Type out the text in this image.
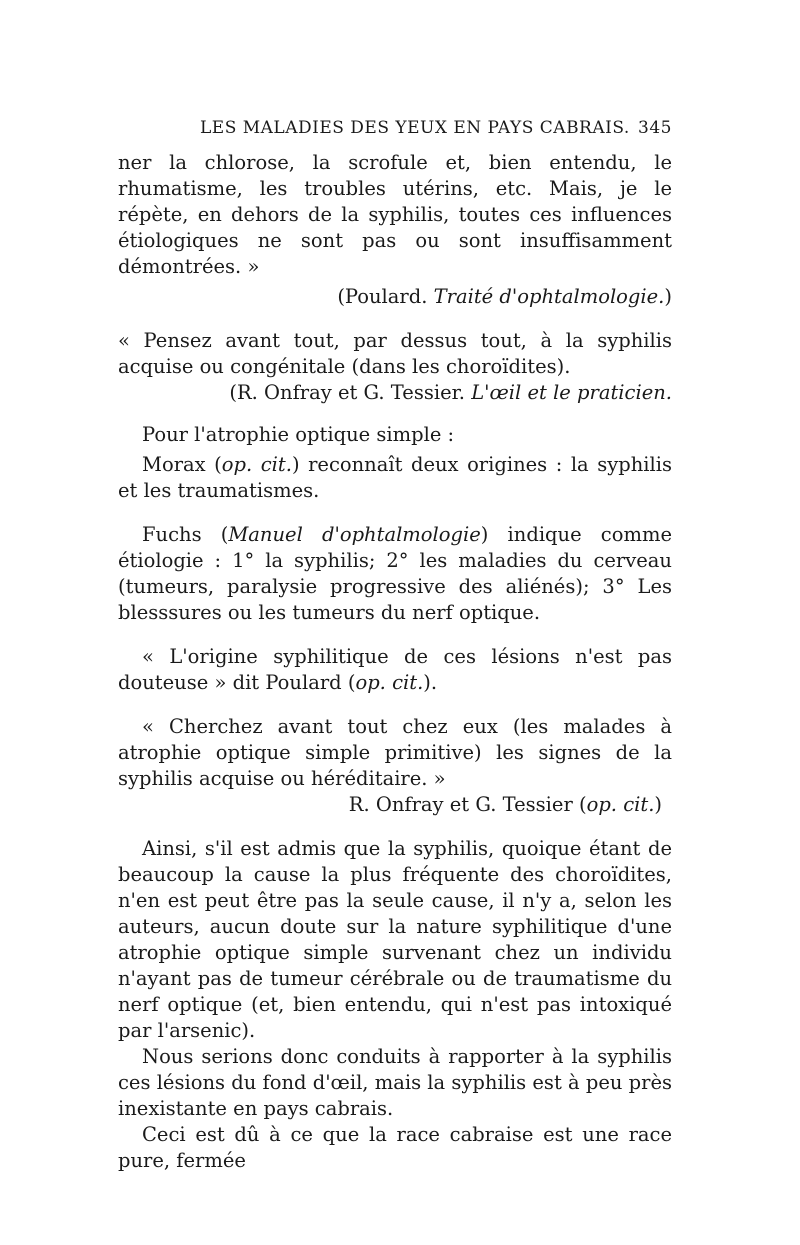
LES MALADIES DES YEUX EN PAYS CABRAIS. 345

ner la chlorose, la scrofule et, bien entendu, le rhumatisme, les troubles utérins, etc. Mais, je le répète, en dehors de la syphilis, toutes ces influences étiologiques ne sont pas ou sont insuffisamment démontrées. »

(Poulard. Traité d'ophtalmologie.)

« Pensez avant tout, par dessus tout, à la syphilis acquise ou congénitale (dans les choroïdites).

(R. Onfray et G. Tessier. L'œil et le praticien.

Pour l'atrophie optique simple :

Morax (op. cit.) reconnaît deux origines : la syphilis et les traumatismes.

Fuchs (Manuel d'ophtalmologie) indique comme étiologie : 1° la syphilis; 2° les maladies du cerveau (tumeurs, paralysie progressive des aliénés); 3° Les blesssures ou les tumeurs du nerf optique.

« L'origine syphilitique de ces lésions n'est pas douteuse » dit Poulard (op. cit.).

« Cherchez avant tout chez eux (les malades à atrophie optique simple primitive) les signes de la syphilis acquise ou héréditaire. »

R. Onfray et G. Tessier (op. cit.)

Ainsi, s'il est admis que la syphilis, quoique étant de beaucoup la cause la plus fréquente des choroïdites, n'en est peut être pas la seule cause, il n'y a, selon les auteurs, aucun doute sur la nature syphilitique d'une atrophie optique simple survenant chez un individu n'ayant pas de tumeur cérébrale ou de traumatisme du nerf optique (et, bien entendu, qui n'est pas intoxiqué par l'arsenic).

Nous serions donc conduits à rapporter à la syphilis ces lésions du fond d'œil, mais la syphilis est à peu près inexistante en pays cabrais.

Ceci est dû à ce que la race cabraise est une race pure, fermée
